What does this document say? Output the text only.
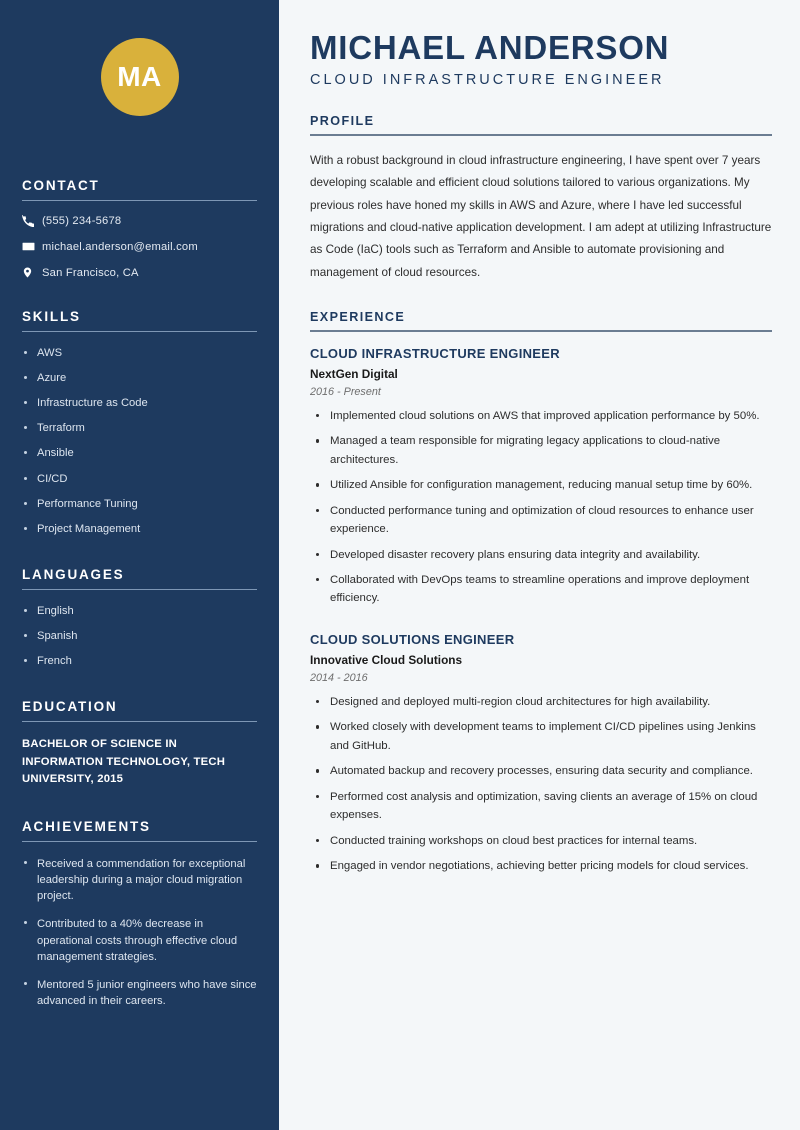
MA
CONTACT
(555) 234-5678
michael.anderson@email.com
San Francisco, CA
SKILLS
AWS
Azure
Infrastructure as Code
Terraform
Ansible
CI/CD
Performance Tuning
Project Management
LANGUAGES
English
Spanish
French
EDUCATION
BACHELOR OF SCIENCE IN INFORMATION TECHNOLOGY, TECH UNIVERSITY, 2015
ACHIEVEMENTS
Received a commendation for exceptional leadership during a major cloud migration project.
Contributed to a 40% decrease in operational costs through effective cloud management strategies.
Mentored 5 junior engineers who have since advanced in their careers.
MICHAEL ANDERSON
CLOUD INFRASTRUCTURE ENGINEER
PROFILE

With a robust background in cloud infrastructure engineering, I have spent over 7 years developing scalable and efficient cloud solutions tailored to various organizations. My previous roles have honed my skills in AWS and Azure, where I have led successful migrations and cloud-native application development. I am adept at utilizing Infrastructure as Code (IaC) tools such as Terraform and Ansible to automate provisioning and management of cloud resources.

EXPERIENCE
CLOUD INFRASTRUCTURE ENGINEER
NextGen Digital
2016 - Present
Implemented cloud solutions on AWS that improved application performance by 50%.
Managed a team responsible for migrating legacy applications to cloud-native architectures.
Utilized Ansible for configuration management, reducing manual setup time by 60%.
Conducted performance tuning and optimization of cloud resources to enhance user experience.
Developed disaster recovery plans ensuring data integrity and availability.
Collaborated with DevOps teams to streamline operations and improve deployment efficiency.
CLOUD SOLUTIONS ENGINEER
Innovative Cloud Solutions
2014 - 2016
Designed and deployed multi-region cloud architectures for high availability.
Worked closely with development teams to implement CI/CD pipelines using Jenkins and GitHub.
Automated backup and recovery processes, ensuring data security and compliance.
Performed cost analysis and optimization, saving clients an average of 15% on cloud expenses.
Conducted training workshops on cloud best practices for internal teams.
Engaged in vendor negotiations, achieving better pricing models for cloud services.
